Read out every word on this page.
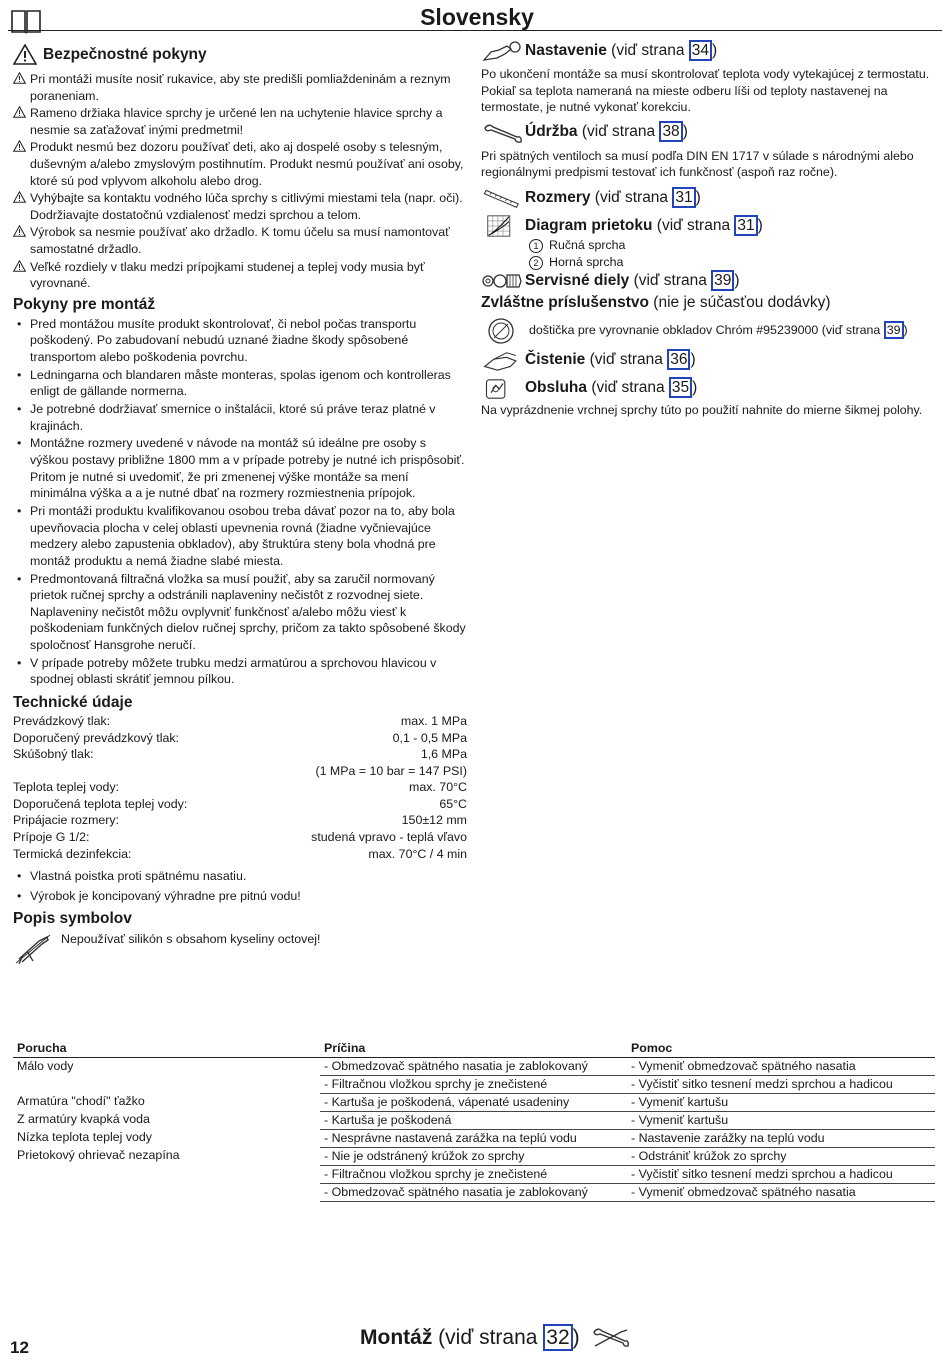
Slovensky
Bezpečnostné pokyny

Pri montáži musíte nosiť rukavice, aby ste predišli pomliaždeninám a reznym poraneniam.

Rameno držiaka hlavice sprchy je určené len na uchytenie hlavice sprchy a nesmie sa zaťažovať inými predmetmi!

Produkt nesmú bez dozoru používať deti, ako aj dospelé osoby s telesným, duševným a/alebo zmyslovým postihnutím. Produkt nesmú používať ani osoby, ktoré sú pod vplyvom alkoholu alebo drog.

Vyhýbajte sa kontaktu vodného lúča sprchy s citlivými miestami tela (napr. oči). Dodržiavajte dostatočnú vzdialenosť medzi sprchou a telom.

Výrobok sa nesmie používať ako držadlo. K tomu účelu sa musí namontovať samostatné držadlo.

Veľké rozdiely v tlaku medzi prípojkami studenej a teplej vody musia byť vyrovnané.

Pokyny pre montáž
• Pred montážou musíte produkt skontrolovať, či nebol počas transportu poškodený. Po zabudovaní nebudú uznané žiadne škody spôsobené transportom alebo poškodenia povrchu.
• Ledningarna och blandaren måste monteras, spolas igenom och kontrolleras enligt de gällande normerna.
• Je potrebné dodržiavať smernice o inštalácii, ktoré sú práve teraz platné v krajinách.
• Montážne rozmery uvedené v návode na montáž sú ideálne pre osoby s výškou postavy približne 1800 mm a v prípade potreby je nutné ich prispôsobiť. Pritom je nutné si uvedomiť, že pri zmenenej výške montáže sa mení minimálna výška a a je nutné dbať na rozmery rozmiestnenia prípojok.
• Pri montáži produktu kvalifikovanou osobou treba dávať pozor na to, aby bola upevňovacia plocha v celej oblasti upevnenia rovná (žiadne vyčnievajúce medzery alebo zapustenia obkladov), aby štruktúra steny bola vhodná pre montáž produktu a nemá žiadne slabé miesta.
• Predmontovaná filtračná vložka sa musí použiť, aby sa zaručil normovaný prietok ručnej sprchy a odstránili naplaveniny nečistôt z rozvodnej siete. Naplaveniny nečistôt môžu ovplyvniť funkčnosť a/alebo môžu viesť k poškodeniam funkčných dielov ručnej sprchy, pričom za takto spôsobené škody spoločnosť Hansgrohe neručí.
• V prípade potreby môžete trubku medzi armatúrou a sprchovou hlavicou v spodnej oblasti skrátiť jemnou pílkou.
Technické údaje
Prevádzkový tlak:	max. 1 MPa
Doporučený prevádzkový tlak:	0,1 - 0,5 MPa
Skúšobný tlak:	1,6 MPa
(1 MPa = 10 bar = 147 PSI)
Teplota teplej vody:	max. 70°C
Doporučená teplota teplej vody:	65°C
Pripájacie rozmery:	150±12 mm
Prípoje G 1/2:	studená vpravo - teplá vľavo
Termická dezinfekcia:	max. 70°C / 4 min
• Vlastná poistka proti spätnému nasatiu.
• Výrobok je koncipovaný výhradne pre pitnú vodu!
Popis symbolov
Nepoužívať silikón s obsahom kyseliny octovej!
Nastavenie (viď strana 34 )

Po ukončení montáže sa musí skontrolovať teplota vody vytekajúcej z termostatu. Pokiaľ sa teplota nameraná na mieste odberu líši od teploty nastavenej na termostate, je nutné vykonať korekciu.

Údržba (viď strana 38 )

Pri spätných ventiloch sa musí podľa DIN EN 1717 v súlade s národnými alebo regionálnymi predpismi testovať ich funkčnosť (aspoň raz ročne).

Rozmery (viď strana 31 )
Diagram prietoku (viď strana 31 )
1 Ručná sprcha
2 Horná sprcha
Servisné diely (viď strana 39 )
Zvláštne príslušenstvo (nie je súčasťou dodávky)
doštička pre vyrovnanie obkladov Chróm #95239000 (viď strana 39 )
Čistenie (viď strana 36 )
Obsluha (viď strana 35 )

Na vyprázdnenie vrchnej sprchy túto po použití nahnite do mierne šikmej polohy.

Porucha	Príčina	Pomoc
Málo vody	- Obmedzovač spätného nasatia je zablokovaný	- Vymeniť obmedzovač spätného nasatia
	- Filtračnou vložkou sprchy je znečistené	- Vyčistiť sitko tesnení medzi sprchou a hadicou
Armatúra "chodí" ťažko	- Kartuša je poškodená, vápenaté usadeniny	- Vymeniť kartušu
Z armatúry kvapká voda	- Kartuša je poškodená	- Vymeniť kartušu
Nízka teplota teplej vody	- Nesprávne nastavená zarážka na teplú vodu	- Nastavenie zarážky na teplú vodu
Prietokový ohrievač nezapína	- Nie je odstránený krúžok zo sprchy	- Odstrániť krúžok zo sprchy
	- Filtračnou vložkou sprchy je znečistené	- Vyčistiť sitko tesnení medzi sprchou a hadicou
	- Obmedzovač spätného nasatia je zablokovaný	- Vymeniť obmedzovač spätného nasatia
12	Montáž (viď strana 32 )
